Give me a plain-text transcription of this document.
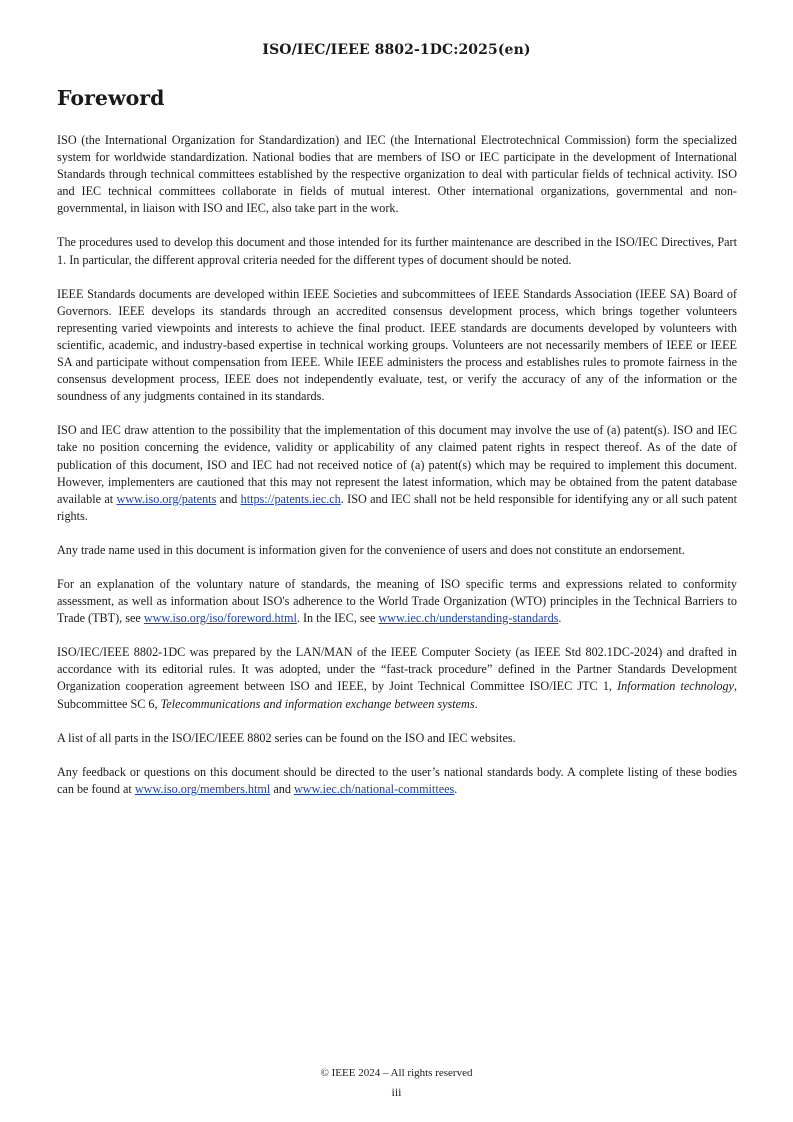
ISO/IEC/IEEE 8802-1DC:2025(en)
Foreword

ISO (the International Organization for Standardization) and IEC (the International Electrotechnical Commission) form the specialized system for worldwide standardization. National bodies that are members of ISO or IEC participate in the development of International Standards through technical committees established by the respective organization to deal with particular fields of technical activity. ISO and IEC technical committees collaborate in fields of mutual interest. Other international organizations, governmental and non-governmental, in liaison with ISO and IEC, also take part in the work.

The procedures used to develop this document and those intended for its further maintenance are described in the ISO/IEC Directives, Part 1. In particular, the different approval criteria needed for the different types of document should be noted.

IEEE Standards documents are developed within IEEE Societies and subcommittees of IEEE Standards Association (IEEE SA) Board of Governors. IEEE develops its standards through an accredited consensus development process, which brings together volunteers representing varied viewpoints and interests to achieve the final product. IEEE standards are documents developed by volunteers with scientific, academic, and industry-based expertise in technical working groups. Volunteers are not necessarily members of IEEE or IEEE SA and participate without compensation from IEEE. While IEEE administers the process and establishes rules to promote fairness in the consensus development process, IEEE does not independently evaluate, test, or verify the accuracy of any of the information or the soundness of any judgments contained in its standards.

ISO and IEC draw attention to the possibility that the implementation of this document may involve the use of (a) patent(s). ISO and IEC take no position concerning the evidence, validity or applicability of any claimed patent rights in respect thereof. As of the date of publication of this document, ISO and IEC had not received notice of (a) patent(s) which may be required to implement this document. However, implementers are cautioned that this may not represent the latest information, which may be obtained from the patent database available at www.iso.org/patents and https://patents.iec.ch. ISO and IEC shall not be held responsible for identifying any or all such patent rights.

Any trade name used in this document is information given for the convenience of users and does not constitute an endorsement.

For an explanation of the voluntary nature of standards, the meaning of ISO specific terms and expressions related to conformity assessment, as well as information about ISO's adherence to the World Trade Organization (WTO) principles in the Technical Barriers to Trade (TBT), see www.iso.org/iso/foreword.html. In the IEC, see www.iec.ch/understanding-standards.

ISO/IEC/IEEE 8802-1DC was prepared by the LAN/MAN of the IEEE Computer Society (as IEEE Std 802.1DC-2024) and drafted in accordance with its editorial rules. It was adopted, under the “fast-track procedure” defined in the Partner Standards Development Organization cooperation agreement between ISO and IEEE, by Joint Technical Committee ISO/IEC JTC 1, Information technology, Subcommittee SC 6, Telecommunications and information exchange between systems.

A list of all parts in the ISO/IEC/IEEE 8802 series can be found on the ISO and IEC websites.

Any feedback or questions on this document should be directed to the user’s national standards body. A complete listing of these bodies can be found at www.iso.org/members.html and www.iec.ch/national-committees.

© IEEE 2024 – All rights reserved
iii
